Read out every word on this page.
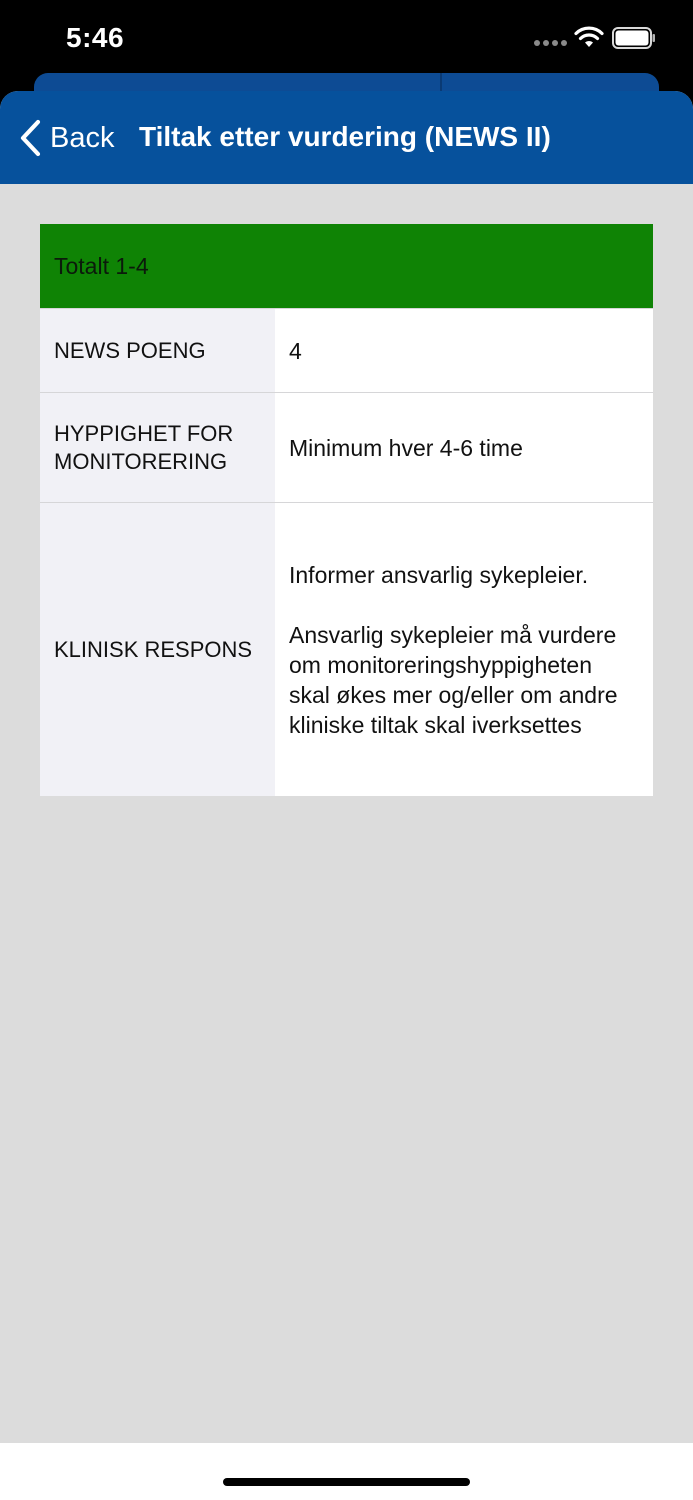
5:46
Back Tiltak etter vurdering (NEWS II)
Totalt 1-4
NEWS POENG	4
HYPPIGHET FOR MONITORERING
Minimum hver 4-6 time
KLINISK RESPONS

Informer ansvarlig sykepleier.

Ansvarlig sykepleier må vurdere om monitoreringshyppigheten skal økes mer og/eller om andre kliniske tiltak skal iverksettes
